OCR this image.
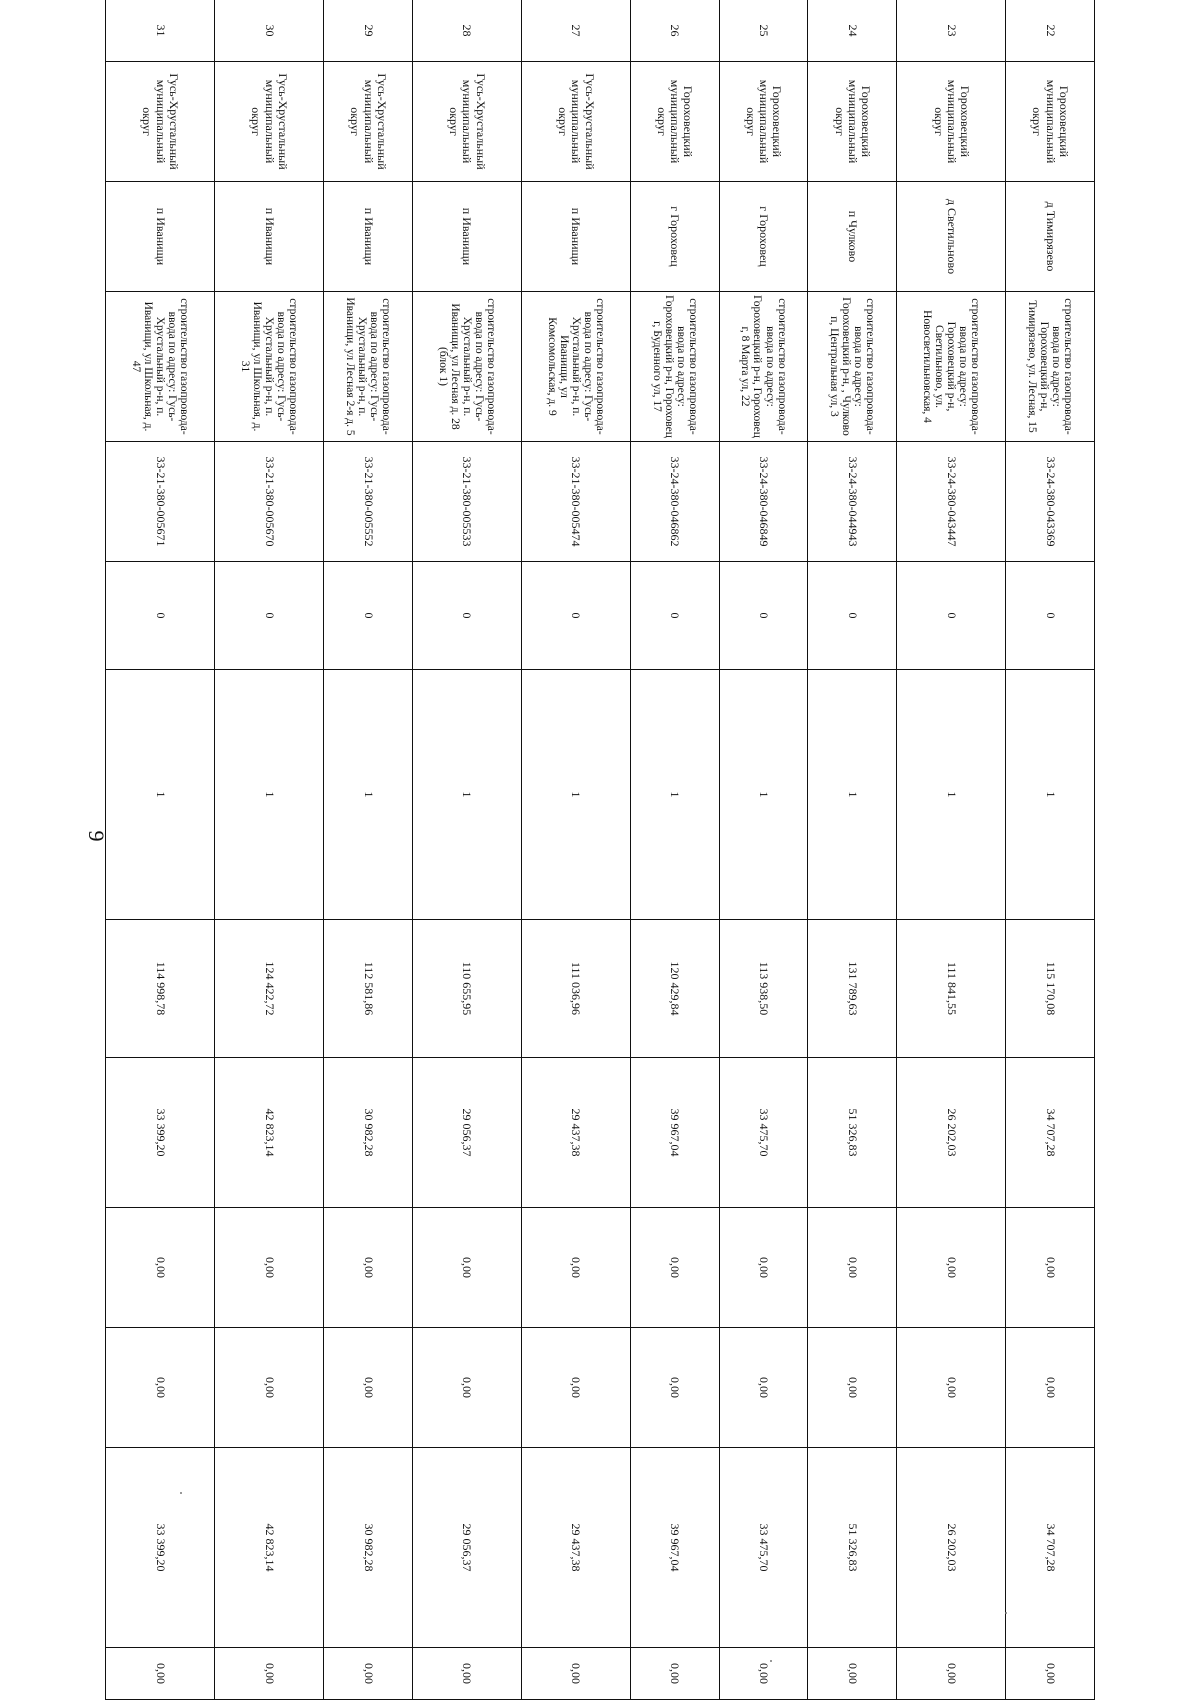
9
22	Гороховецкий муниципальный округ	д Тимирязево	строительство газопровода-ввода по адресу: Гороховецкий р-н, Тимирязево, ул. Лесная, 15	33-24-380-043369	0	1	115 170,08	34 707,28	0,00	0,00	34 707,28	0,00
23	Гороховецкий муниципальный округ	д Светильново	строительство газопровода-ввода по адресу: Гороховецкий р-н, Светильново, ул. Новосветильновская, 4	33-24-380-043447	0	1	111 841,55	26 202,03	0,00	0,00	26 202,03	0,00
24	Гороховецкий муниципальный округ	п Чулково	строительство газопровода-ввода по адресу: Гороховецкий р-н, , Чулково п, Центральная ул, 3	33-24-380-044943	0	1	131 789,63	51 326,83	0,00	0,00	51 326,83	0,00
25	Гороховецкий муниципальный округ	г Гороховец	строительство газопровода-ввода по адресу: Гороховецкий р-н, Гороховец г, 8 Марта ул, 22	33-24-380-046849	0	1	113 938,50	33 475,70	0,00	0,00	33 475,70	0,00
26	Гороховецкий муниципальный округ	г Гороховец	строительство газопровода-ввода по адресу: Гороховецкий р-н, Гороховец г, Буденного ул, 17	33-24-380-046862	0	1	120 429,84	39 967,04	0,00	0,00	39 967,04	0,00
27	Гусь-Хрустальный муниципальный округ	п Иванищи	строительство газопровода-ввода по адресу: Гусь-Хрустальный р-н, п. Иванищи, ул Комсомольская, д. 9	33-21-380-005474	0	1	111 036,96	29 437,38	0,00	0,00	29 437,38	0,00
28	Гусь-Хрустальный муниципальный округ	п Иванищи	строительство газопровода-ввода по адресу: Гусь-Хрустальный р-н, п. Иванищи, ул Лесная д. 28 (блок 1)	33-21-380-005533	0	1	110 655,95	29 056,37	0,00	0,00	29 056,37	0,00
29	Гусь-Хрустальный муниципальный округ	п Иванищи	строительство газопровода-ввода по адресу: Гусь-Хрустальный р-н, п. Иванищи, ул Лесная 2-я д. 5	33-21-380-005552	0	1	112 581,86	30 982,28	0,00	0,00	30 982,28	0,00
30	Гусь-Хрустальный муниципальный округ	п Иванищи	строительство газопровода-ввода по адресу: Гусь-Хрустальный р-н, п. Иванищи, ул Школьная, д. 31	33-21-380-005670	0	1	124 422,72	42 823,14	0,00	0,00	42 823,14	0,00
31	Гусь-Хрустальный муниципальный округ	п Иванищи	строительство газопровода-ввода по адресу: Гусь-Хрустальный р-н, п. Иванищи, ул Школьная, д. 47	33-21-380-005671	0	1	114 998,78	33 399,20	0,00	0,00	33 399,20	0,00
